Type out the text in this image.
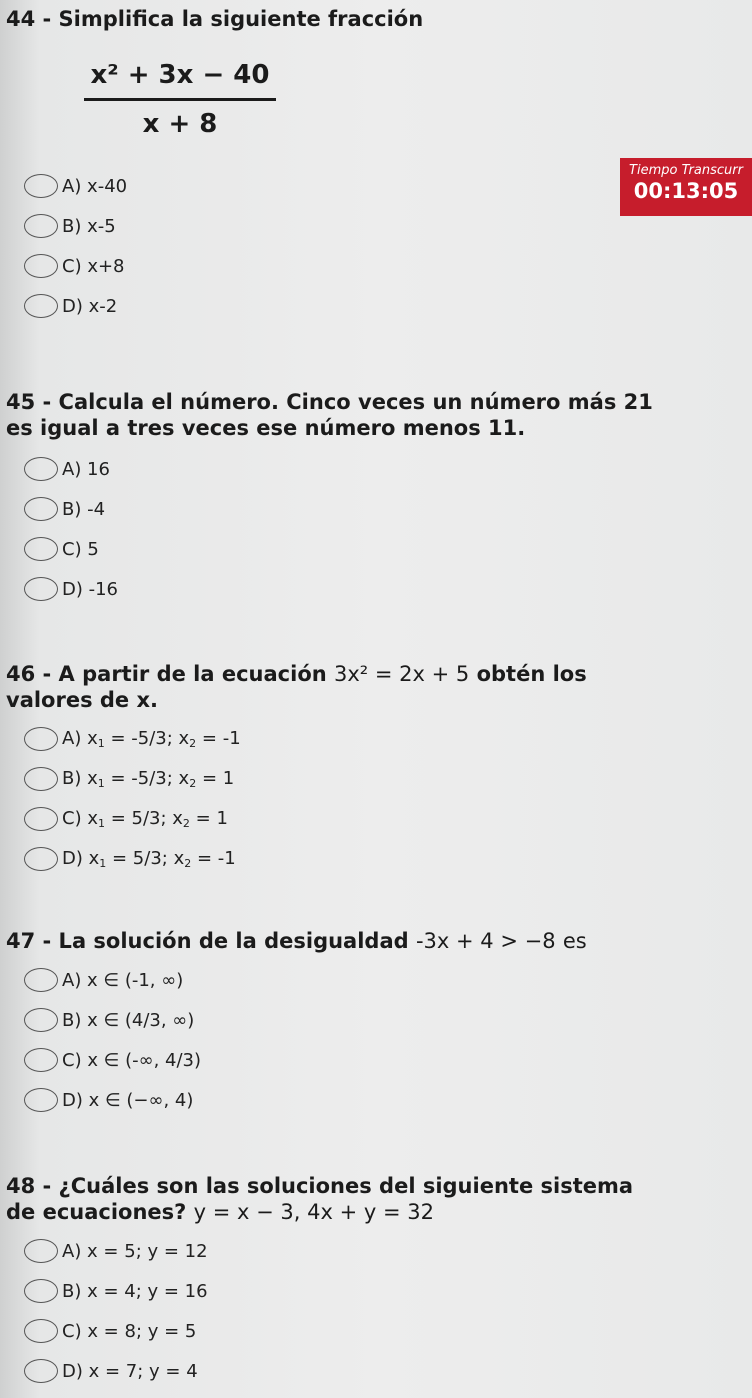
44 - Simplifica la siguiente fracción

x² + 3x − 40
x + 8
A) x-40
B) x-5
C) x+8
D) x-2
Tiempo Transcurr
00:13:05

45 - Calcula el número. Cinco veces un número más 21

es igual a tres veces ese número menos 11.

A) 16
B) -4
C) 5
D) -16

46 - A partir de la ecuación 3x² = 2x + 5 obtén los

valores de x.

A) $x_1 = -5/3$; $x_2 = -1$
B) $x_1 = -5/3$; $x_2 = 1$
C) $x_1 = 5/3$; $x_2 = 1$
D) $x_1 = 5/3$; $x_2 = -1$

47 - La solución de la desigualdad -3x + 4 > −8 es

A) x ∈ (-1, ∞)
B) x ∈ (4/3, ∞)
C) x ∈ (-∞, 4/3)
D) x ∈ (−∞, 4)

48 - ¿Cuáles son las soluciones del siguiente sistema

de ecuaciones? y = x − 3, 4x + y = 32

A) x = 5; y = 12
B) x = 4; y = 16
C) x = 8; y = 5
D) x = 7; y = 4
